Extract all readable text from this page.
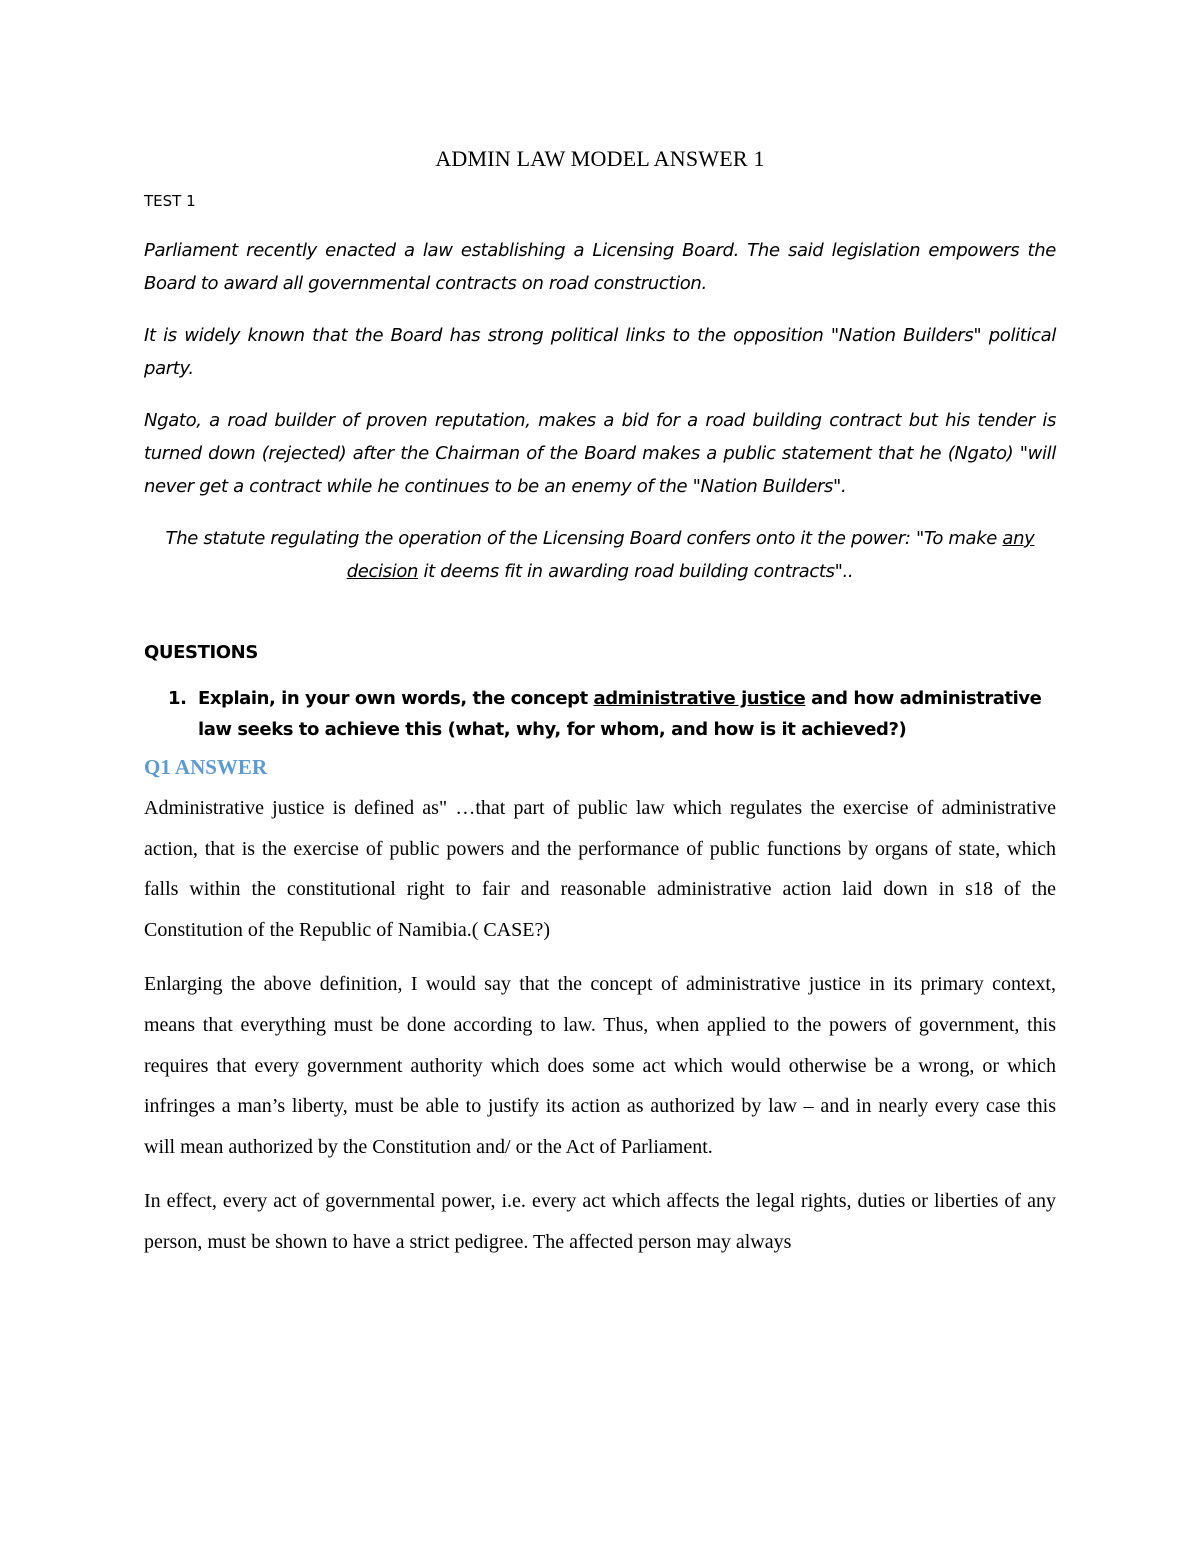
ADMIN LAW MODEL ANSWER 1

TEST 1

Parliament recently enacted a law establishing a Licensing Board. The said legislation empowers the Board to award all governmental contracts on road construction.

It is widely known that the Board has strong political links to the opposition "Nation Builders" political party.

Ngato, a road builder of proven reputation, makes a bid for a road building contract but his tender is turned down (rejected) after the Chairman of the Board makes a public statement that he (Ngato) "will never get a contract while he continues to be an enemy of the "Nation Builders".

The statute regulating the operation of the Licensing Board confers onto it the power: "To make any decision it deems fit in awarding road building contracts"..

QUESTIONS

1. Explain, in your own words, the concept administrative justice and how administrative law seeks to achieve this (what, why, for whom, and how is it achieved?)
Q1 ANSWER

Administrative justice is defined as" …that part of public law which regulates the exercise of administrative action, that is the exercise of public powers and the performance of public functions by organs of state, which falls within the constitutional right to fair and reasonable administrative action laid down in s18 of the Constitution of the Republic of Namibia.( CASE?)

Enlarging the above definition, I would say that the concept of administrative justice in its primary context, means that everything must be done according to law. Thus, when applied to the powers of government, this requires that every government authority which does some act which would otherwise be a wrong, or which infringes a man’s liberty, must be able to justify its action as authorized by law – and in nearly every case this will mean authorized by the Constitution and/ or the Act of Parliament.

In effect, every act of governmental power, i.e. every act which affects the legal rights, duties or liberties of any person, must be shown to have a strict pedigree. The affected person may always
